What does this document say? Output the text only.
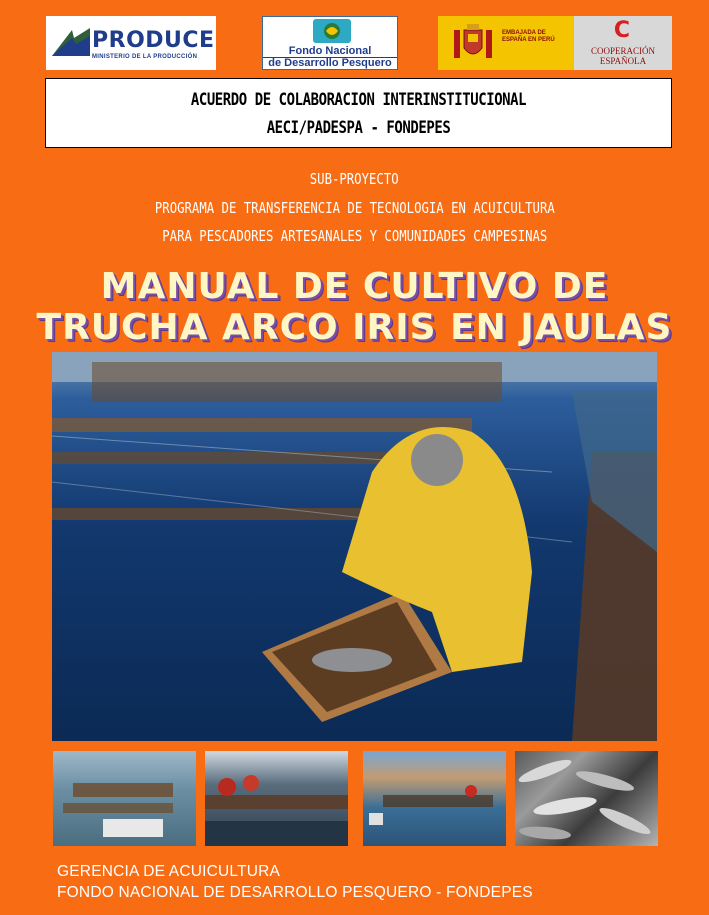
PRODUCE
MINISTERIO DE LA PRODUCCIÓN	Fondo Nacional
de Desarrollo Pesquero
EMBAJADA DE ESPAÑA EN PERÚ	C
COOPERACIÓN
ESPAÑOLA
ACUERDO DE COLABORACION INTERINSTITUCIONAL
AECI/PADESPA - FONDEPES
SUB-PROYECTO
PROGRAMA DE TRANSFERENCIA DE TECNOLOGIA EN ACUICULTURA
PARA PESCADORES ARTESANALES Y COMUNIDADES CAMPESINAS
MANUAL DE CULTIVO DE
TRUCHA ARCO IRIS EN JAULAS
GERENCIA DE ACUICULTURA
FONDO NACIONAL DE DESARROLLO PESQUERO - FONDEPES
